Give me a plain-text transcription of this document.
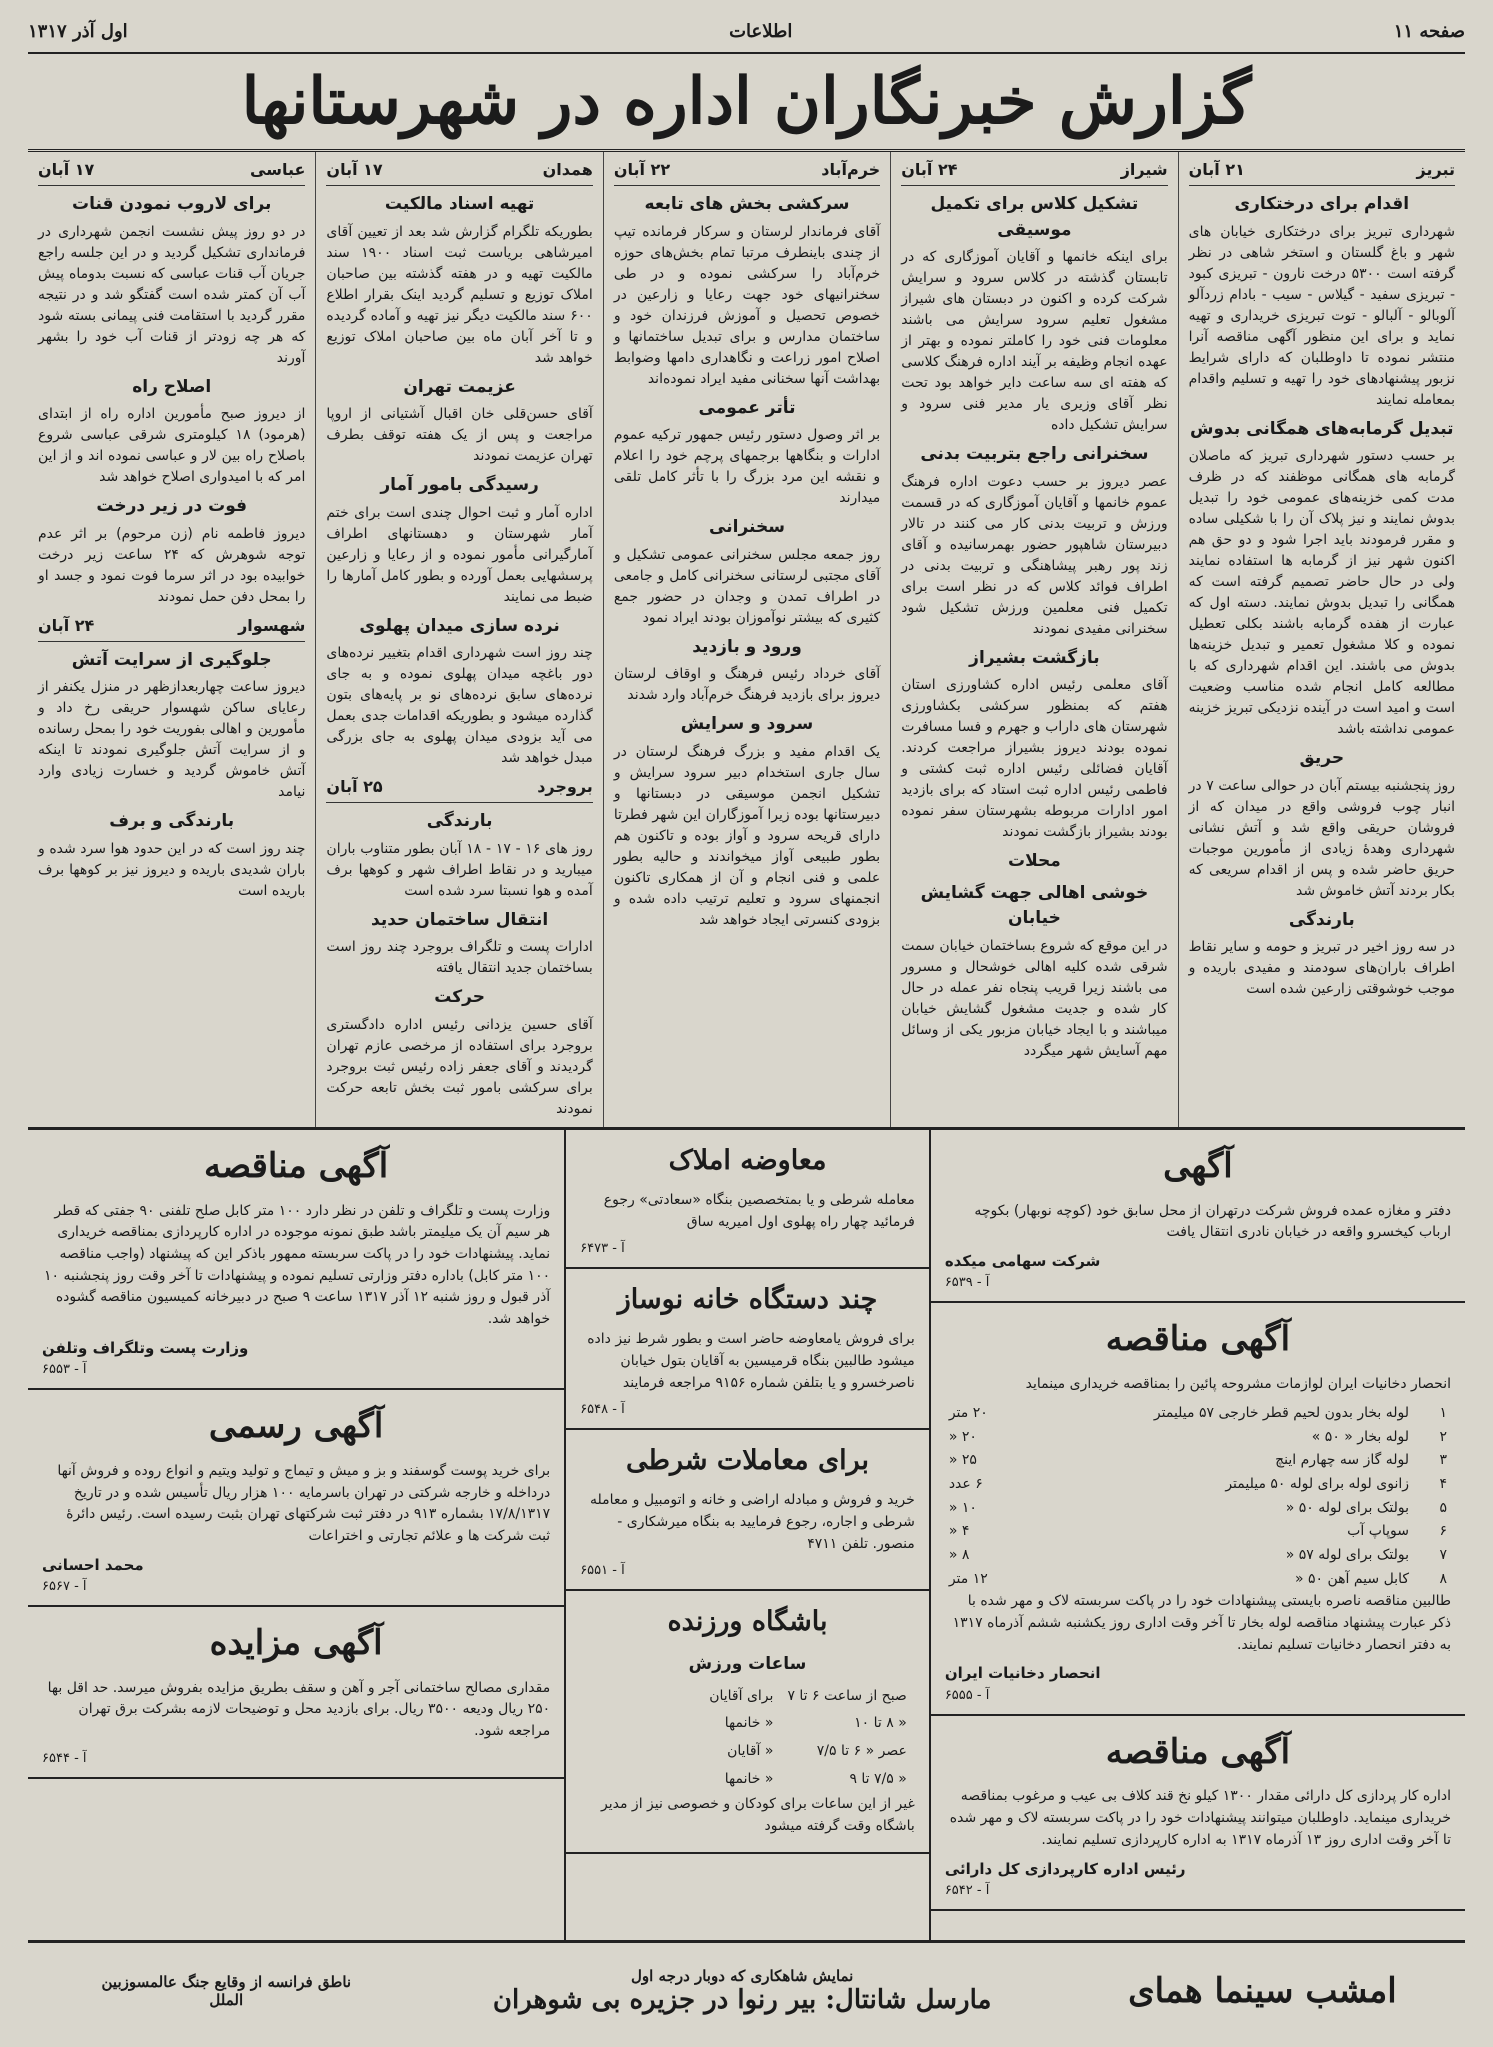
صفحه ۱۱
اطلاعات
اول آذر ۱۳۱۷
گزارش خبرنگاران اداره در شهرستانها
تبریز
۲۱ آبان
اقدام برای درختکاری

شهرداری تبریز برای درختکاری خیابان های شهر و باغ گلستان و استخر شاهی در نظر گرفته است ۵۳۰۰ درخت نارون - تبریزی کبود - تبریزی سفید - گیلاس - سیب - بادام زردآلو آلوبالو - آلبالو - توت تبریزی خریداری و تهیه نماید و برای این منظور آگهی مناقصه آنرا منتشر نموده تا داوطلبان که دارای شرایط نزبور پیشنهادهای خود را تهیه و تسلیم واقدام بمعامله نمایند

تبدیل گرمابه‌های همگانی بدوش

بر حسب دستور شهرداری تبریز که ماصلان گرمابه های همگانی موظفند که در ظرف مدت کمی خزینه‌های عمومی خود را تبدیل بدوش نمایند و نیز پلاک آن را با شکیلی ساده و مقرر فرمودند باید اجرا شود و دو حق هم اکنون شهر نیز از گرمابه ها استفاده نمایند ولی در حال حاضر تصمیم گرفته است که همگانی را تبدیل بدوش نمایند. دسته اول که عبارت از هفده گرمابه باشند بکلی تعطیل نموده و کلا مشغول تعمیر و تبدیل خزینه‌ها بدوش می باشند. این اقدام شهرداری که با مطالعه کامل انجام شده مناسب وضعیت است و امید است در آینده نزدیکی تبریز خزینه عمومی نداشته باشد

حریق

روز پنجشنبه بیستم آبان در حوالی ساعت ۷ در انبار چوب فروشی واقع در میدان که از فروشان حریقی واقع شد و آتش نشانی شهرداری وهدهٔ زیادی از مأمورین موجبات حریق حاضر شده و پس از اقدام سریعی که بکار بردند آتش خاموش شد

بارندگی

در سه روز اخیر در تبریز و حومه و سایر نقاط اطراف باران‌های سودمند و مفیدی باریده و موجب خوشوقتی زارعین شده است

شیراز
۲۴ آبان
تشکیل کلاس برای تکمیل موسیقی

برای اینکه خانمها و آقایان آموزگاری که در تابستان گذشته در کلاس سرود و سرایش شرکت کرده و اکنون در دبستان های شیراز مشغول تعلیم سرود سرایش می باشند معلومات فنی خود را کاملتر نموده و بهتر از عهده انجام وظیفه بر آیند اداره فرهنگ کلاسی که هفته ای سه ساعت دایر خواهد بود تحت نظر آقای وزیری یار مدیر فنی سرود و سرایش تشکیل داده

سخنرانی راجع بتربیت بدنی

عصر دیروز بر حسب دعوت اداره فرهنگ عموم خانمها و آقایان آموزگاری که در قسمت ورزش و تربیت بدنی کار می کنند در تالار دبیرستان شاهپور حضور بهمرسانیده و آقای زند پور رهبر پیشاهنگی و تربیت بدنی در اطراف فوائد کلاس که در نظر است برای تکمیل فنی معلمین ورزش تشکیل شود سخنرانی مفیدی نمودند

بازگشت بشیراز

آقای معلمی رئیس اداره کشاورزی استان هفتم که بمنظور سرکشی بکشاورزی شهرستان های داراب و جهرم و فسا مسافرت نموده بودند دیروز بشیراز مراجعت کردند. آقایان فضائلی رئیس اداره ثبت کشتی و فاطمی رئیس اداره ثبت استاد که برای بازدید امور ادارات مربوطه بشهرستان سفر نموده بودند بشیراز بازگشت نمودند

محلات
خوشی اهالی جهت گشایش خیابان

در این موقع که شروع بساختمان خیابان سمت شرقی شده کلیه اهالی خوشحال و مسرور می باشند زیرا قریب پنجاه نفر عمله در حال کار شده و جدیت مشغول گشایش خیابان میباشند و با ایجاد خیابان مزبور یکی از وسائل مهم آسایش شهر میگردد

خرم‌آباد
۲۲ آبان
سرکشی بخش های تابعه

آقای فرماندار لرستان و سرکار فرمانده تیپ از چندی باینطرف مرتبا تمام بخش‌های حوزه خرم‌آباد را سرکشی نموده و در طی سخنرانیهای خود جهت رعایا و زارعین در خصوص تحصیل و آموزش فرزندان خود و ساختمان مدارس و برای تبدیل ساختمانها و اصلاح امور زراعت و نگاهداری دامها وضوابط بهداشت آنها سخنانی مفید ایراد نموده‌اند

تأتر عمومی

بر اثر وصول دستور رئیس جمهور ترکیه عموم ادارات و بنگاهها برجمهای پرچم خود را اعلام و نقشه این مرد بزرگ را با تأثر کامل تلقی میدارند

سخنرانی

روز جمعه مجلس سخنرانی عمومی تشکیل و آقای مجتبی لرستانی سخنرانی کامل و جامعی در اطراف تمدن و وجدان در حضور جمع کثیری که بیشتر نوآموزان بودند ایراد نمود

ورود و بازدید

آقای خرداد رئیس فرهنگ و اوقاف لرستان دیروز برای بازدید فرهنگ خرم‌آباد وارد شدند

سرود و سرایش

یک اقدام مفید و بزرگ فرهنگ لرستان در سال جاری استخدام دبیر سرود سرایش و تشکیل انجمن موسیقی در دبستانها و دبیرستانها بوده زیرا آموزگاران این شهر فطرتا دارای قریحه سرود و آواز بوده و تاکنون هم بطور طبیعی آواز میخواندند و حالیه بطور علمی و فنی انجام و آن از همکاری تاکنون انجمنهای سرود و تعلیم ترتیب داده شده و بزودی کنسرتی ایجاد خواهد شد

همدان
۱۷ آبان
تهیه اسناد مالکیت

بطوریکه تلگرام گزارش شد بعد از تعیین آقای امیرشاهی بریاست ثبت اسناد ۱۹۰۰ سند مالکیت تهیه و در هفته گذشته بین صاحبان املاک توزیع و تسلیم گردید اینک بقرار اطلاع ۶۰۰ سند مالکیت دیگر نیز تهیه و آماده گردیده و تا آخر آبان ماه بین صاحبان املاک توزیع خواهد شد

عزیمت تهران

آقای حسن‌قلی خان اقبال آشتیانی از اروپا مراجعت و پس از یک هفته توقف بطرف تهران عزیمت نمودند

رسیدگی بامور آمار

اداره آمار و ثبت احوال چندی است برای ختم آمار شهرستان و دهستانهای اطراف آمارگیرانی مأمور نموده و از رعایا و زارعین پرسشهایی بعمل آورده و بطور کامل آمارها را ضبط می نمایند

نرده سازی میدان پهلوی

چند روز است شهرداری اقدام بتغییر نرده‌های دور باغچه میدان پهلوی نموده و به جای نرده‌های سابق نرده‌های نو بر پایه‌های بتون گذارده میشود و بطوریکه اقدامات جدی بعمل می آید بزودی میدان پهلوی به جای بزرگی مبدل خواهد شد

بروجرد
۲۵ آبان
بارندگی

روز های ۱۶ - ۱۷ - ۱۸ آبان بطور متناوب باران میبارید و در نقاط اطراف شهر و کوهها برف آمده و هوا نسبتا سرد شده است

انتقال ساختمان حدید

ادارات پست و تلگراف بروجرد چند روز است بساختمان جدید انتقال یافته

حرکت

آقای حسین یزدانی رئیس اداره دادگستری بروجرد برای استفاده از مرخصی عازم تهران گردیدند و آقای جعفر زاده رئیس ثبت بروجرد برای سرکشی بامور ثبت بخش تابعه حرکت نمودند

عباسی
۱۷ آبان
برای لاروب نمودن قنات

در دو روز پیش نشست انجمن شهرداری در فرمانداری تشکیل گردید و در این جلسه راجع جریان آب قنات عباسی که نسبت بدوماه پیش آب آن کمتر شده است گفتگو شد و در نتیجه مقرر گردید با استقامت فنی پیمانی بسته شود که هر چه زودتر از قنات آب خود را بشهر آورند

اصلاح راه

از دیروز صبح مأمورین اداره راه از ابتدای (هرمود) ۱۸ کیلومتری شرقی عباسی شروع باصلاح راه بین لار و عباسی نموده اند و از این امر که با امیدواری اصلاح خواهد شد

فوت در زیر درخت

دیروز فاطمه نام (زن مرحوم) بر اثر عدم توجه شوهرش که ۲۴ ساعت زیر درخت خوابیده بود در اثر سرما فوت نمود و جسد او را بمحل دفن حمل نمودند

شهسوار
۲۴ آبان
جلوگیری از سرایت آتش

دیروز ساعت چهاربعدازظهر در منزل یکنفر از رعایای ساکن شهسوار حریقی رخ داد و مأمورین و اهالی بفوریت خود را بمحل رسانده و از سرایت آتش جلوگیری نمودند تا اینکه آتش خاموش گردید و خسارت زیادی وارد نیامد

بارندگی و برف

چند روز است که در این حدود هوا سرد شده و باران شدیدی باریده و دیروز نیز بر کوهها برف باریده است

آگهی

دفتر و مغازه عمده فروش شرکت درتهران از محل سابق خود (کوچه نوبهار) بکوچه ارباب کیخسرو واقعه در خیابان نادری انتقال یافت

شرکت سهامی میکده
آ - ۶۵۳۹
آگهی مناقصه

انحصار دخانیات ایران لوازمات مشروحه پائین را بمناقصه خریداری مینماید

۱	لوله بخار بدون لحیم قطر خارجی ۵۷ میلیمتر	۲۰ متر
۲	لوله بخار « ۵۰ »	۲۰ «
۳	لوله گاز سه چهارم اینچ	۲۵ «
۴	زانوی لوله برای لوله ۵۰ میلیمتر	۶ عدد
۵	بولتک برای لوله ۵۰ «	۱۰ «
۶	سوپاپ آب	۴ «
۷	بولتک برای لوله ۵۷ «	۸ «
۸	کابل سیم آهن ۵۰ «	۱۲ متر

طالبین مناقصه ناصره بایستی پیشنهادات خود را در پاکت سربسته لاک و مهر شده با ذکر عبارت پیشنهاد مناقصه لوله بخار تا آخر وقت اداری روز یکشنبه ششم آذرماه ۱۳۱۷ به دفتر انحصار دخانیات تسلیم نمایند.

انحصار دخانیات ایران
آ - ۶۵۵۵
آگهی مناقصه

اداره کار پردازی کل دارائی مقدار ۱۳۰۰ کیلو نخ قند کلاف بی عیب و مرغوب بمناقصه خریداری مینماید. داوطلبان میتوانند پیشنهادات خود را در پاکت سربسته لاک و مهر شده تا آخر وقت اداری روز ۱۳ آذرماه ۱۳۱۷ به اداره کارپردازی تسلیم نمایند.

رئیس اداره کارپردازی کل دارائی
آ - ۶۵۴۲
معاوضه املاک

معامله شرطی و یا بمتخصصین بنگاه «سعادتی» رجوع فرمائید چهار راه پهلوی اول امیریه ساق

آ - ۶۴۷۳
چند دستگاه خانه نوساز

برای فروش یامعاوضه حاضر است و بطور شرط نیز داده میشود طالبین بنگاه قرمیسین به آقایان بتول خیابان ناصرخسرو و یا بتلفن شماره ۹۱۵۶ مراجعه فرمایند

آ - ۶۵۴۸
برای معاملات شرطی

خرید و فروش و مبادله اراضی و خانه و اتومبیل و معامله شرطی و اجاره، رجوع فرمایید به بنگاه میرشکاری - منصور. تلفن ۴۷۱۱

آ - ۶۵۵۱
باشگاه ورزنده
ساعات ورزش
صبح از ساعت ۶ تا ۷	برای آقایان
« ۸ تا ۱۰	« خانمها
عصر « ۶ تا ۷/۵	« آقایان
« ۷/۵ تا ۹	« خانمها

غیر از این ساعات برای کودکان و خصوصی نیز از مدیر باشگاه وقت گرفته میشود

آگهی مناقصه

وزارت پست و تلگراف و تلفن در نظر دارد ۱۰۰ متر کابل صلح تلفنی ۹۰ جفتی که قطر هر سیم آن یک میلیمتر باشد طبق نمونه موجوده در اداره کارپردازی بمناقصه خریداری نماید. پیشنهادات خود را در پاکت سربسته ممهور باذکر این که پیشنهاد (واجب مناقصه ۱۰۰ متر کابل) باداره دفتر وزارتی تسلیم نموده و پیشنهادات تا آخر وقت روز پنجشنبه ۱۰ آذر قبول و روز شنبه ۱۲ آذر ۱۳۱۷ ساعت ۹ صبح در دبیرخانه کمیسیون مناقصه گشوده خواهد شد.

وزارت پست وتلگراف وتلفن
آ - ۶۵۵۳
آگهی رسمی

برای خرید پوست گوسفند و بز و میش و تیماج و تولید ویتیم و انواع روده و فروش آنها درداخله و خارجه شرکتی در تهران باسرمایه ۱۰۰ هزار ریال تأسیس شده و در تاریخ ۱۷/۸/۱۳۱۷ بشماره ۹۱۳ در دفتر ثبت شرکتهای تهران بثبت رسیده است. رئیس دائرهٔ ثبت شرکت ها و علائم تجارتی و اختراعات

محمد احسانی
آ - ۶۵۶۷
آگهی مزایده

مقداری مصالح ساختمانی آجر و آهن و سقف بطریق مزایده بفروش میرسد. حد اقل بها ۲۵۰ ریال ودیعه ۳۵۰۰ ریال. برای بازدید محل و توضیحات لازمه بشرکت برق تهران مراجعه شود.

آ - ۶۵۴۴
امشب سینما همای
نمایش شاهکاری که دوبار درجه اول
مارسل شانتال: بیر رنوا در جزیره بی شوهران
ناطق فرانسه از وقایع جنگ عالمسوزبین الملل
